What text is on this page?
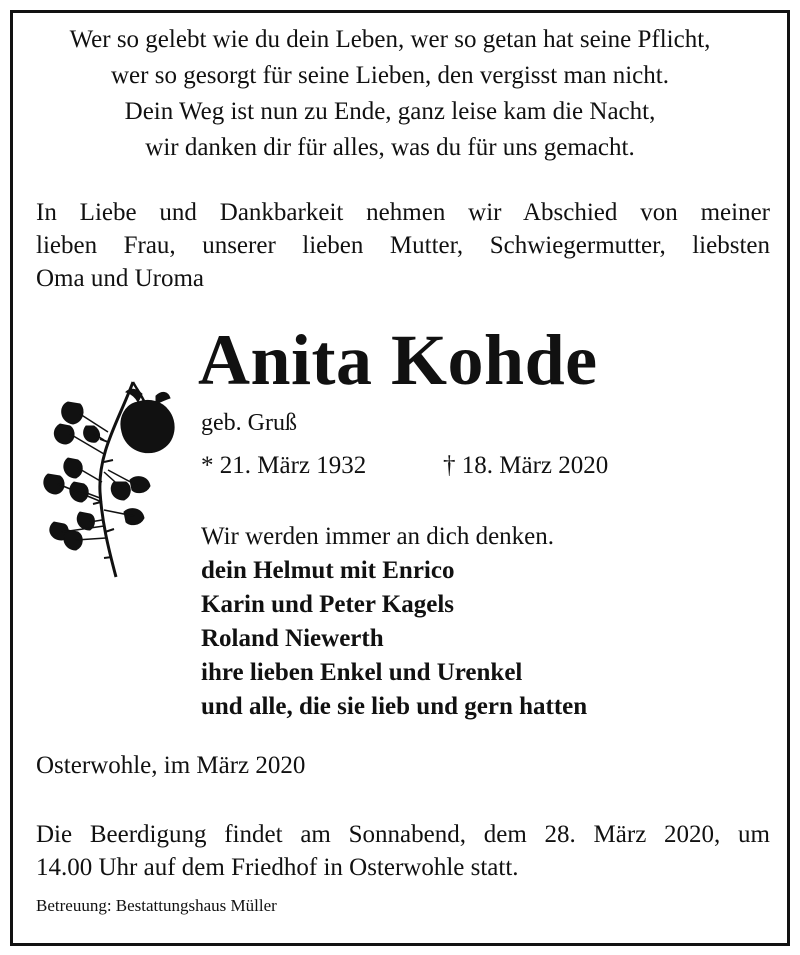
Wer so gelebt wie du dein Leben, wer so getan hat seine Pflicht,
wer so gesorgt für seine Lieben, den vergisst man nicht.
Dein Weg ist nun zu Ende, ganz leise kam die Nacht,
wir danken dir für alles, was du für uns gemacht.
In Liebe und Dankbarkeit nehmen wir Abschied von meiner
lieben Frau, unserer lieben Mutter, Schwiegermutter, liebsten
Oma und Uroma
Anita Kohde
geb. Gruß
* 21. März 1932	† 18. März 2020
Wir werden immer an dich denken.
dein Helmut mit Enrico
Karin und Peter Kagels
Roland Niewerth
ihre lieben Enkel und Urenkel
und alle, die sie lieb und gern hatten
Osterwohle, im März 2020
Die Beerdigung findet am Sonnabend, dem 28. März 2020, um
14.00 Uhr auf dem Friedhof in Osterwohle statt.
Betreuung: Bestattungshaus Müller
